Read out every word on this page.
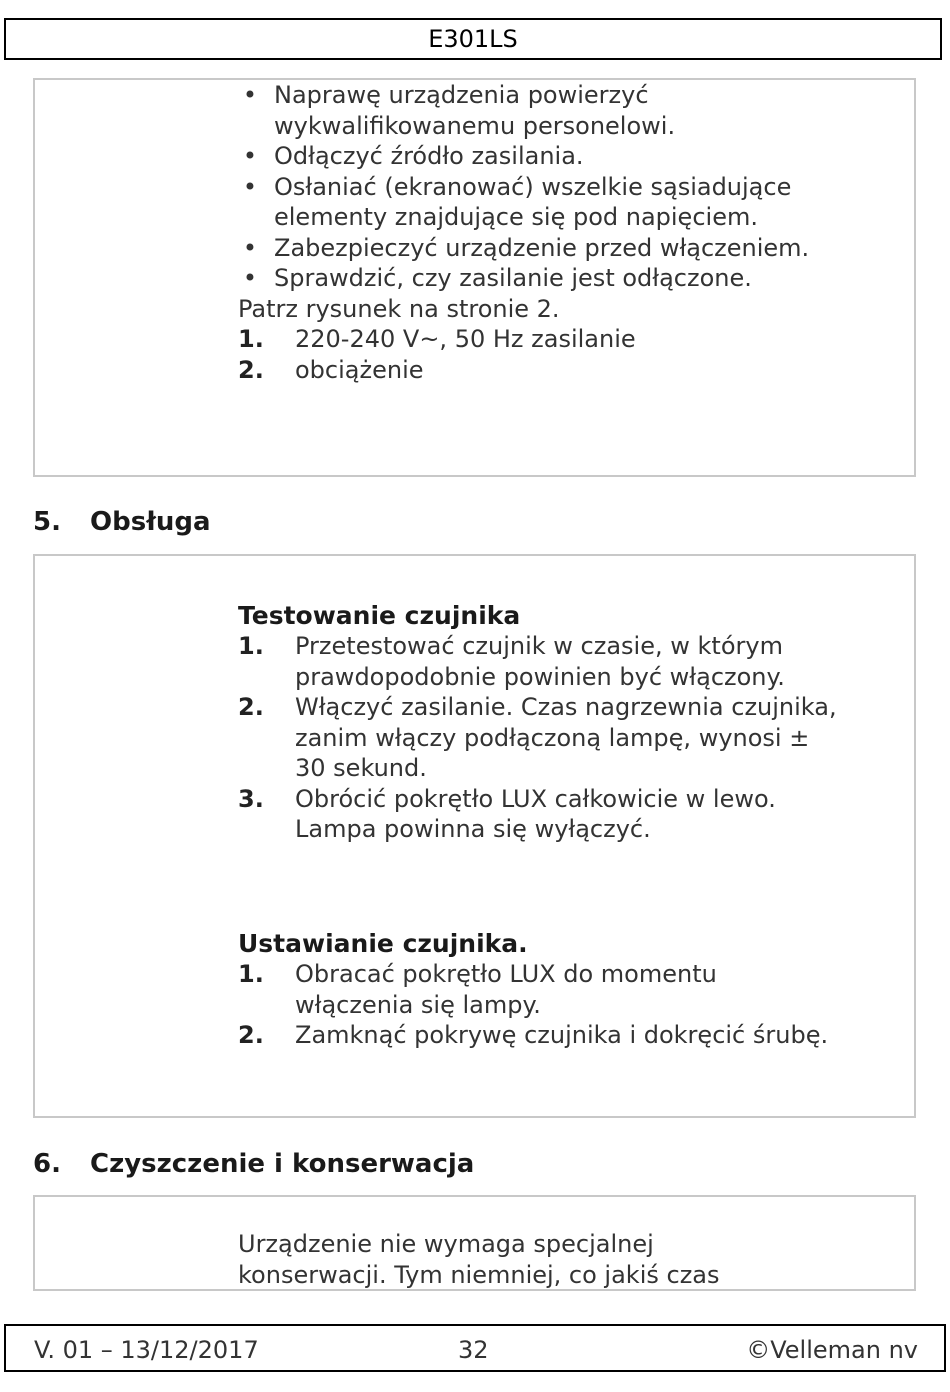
E301LS
• Naprawę urządzenia powierzyć wykwalifikowanemu personelowi.
• Odłączyć źródło zasilania.
• Osłaniać (ekranować) wszelkie sąsiadujące elementy znajdujące się pod napięciem.
• Zabezpieczyć urządzenie przed włączeniem.
• Sprawdzić, czy zasilanie jest odłączone.
Patrz rysunek na stronie 2.
1. 220-240 V~, 50 Hz zasilanie
2. obciążenie
5. Obsługa
Testowanie czujnika
1. Przetestować czujnik w czasie, w którym prawdopodobnie powinien być włączony.
2. Włączyć zasilanie. Czas nagrzewnia czujnika, zanim włączy podłączoną lampę, wynosi ± 30 sekund.
3. Obrócić pokrętło LUX całkowicie w lewo. Lampa powinna się wyłączyć.
Ustawianie czujnika.
1. Obracać pokrętło LUX do momentu włączenia się lampy.
2. Zamknąć pokrywę czujnika i dokręcić śrubę.
6. Czyszczenie i konserwacja
Urządzenie nie wymaga specjalnej konserwacji. Tym niemniej, co jakiś czas
V. 01 – 13/12/2017	32	©Velleman nv
